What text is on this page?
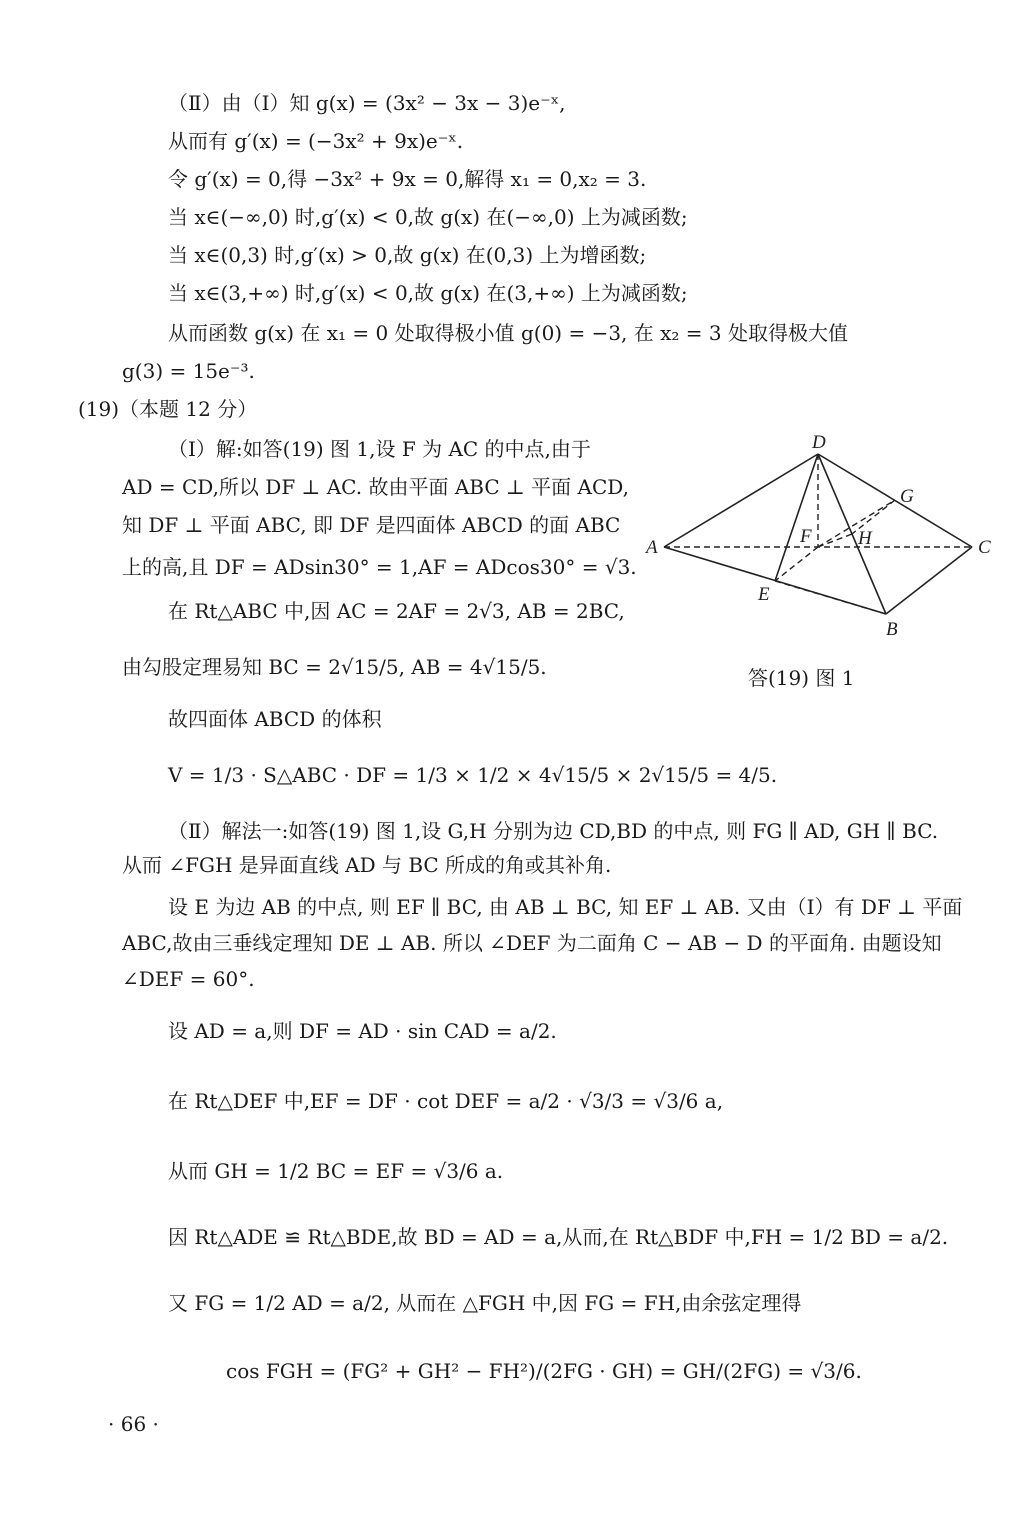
（Ⅱ）由（Ⅰ）知 g(x) = (3x² − 3x − 3)e⁻ˣ,
从而有 g′(x) = (−3x² + 9x)e⁻ˣ.
令 g′(x) = 0,得 −3x² + 9x = 0,解得 x₁ = 0,x₂ = 3.
当 x∈(−∞,0) 时,g′(x) < 0,故 g(x) 在(−∞,0) 上为减函数;
当 x∈(0,3) 时,g′(x) > 0,故 g(x) 在(0,3) 上为增函数;
当 x∈(3,+∞) 时,g′(x) < 0,故 g(x) 在(3,+∞) 上为减函数;
从而函数 g(x) 在 x₁ = 0 处取得极小值 g(0) = −3, 在 x₂ = 3 处取得极大值
g(3) = 15e⁻³.
(19)（本题 12 分）
（Ⅰ）解:如答(19) 图 1,设 F 为 AC 的中点,由于
AD = CD,所以 DF ⊥ AC. 故由平面 ABC ⊥ 平面 ACD,
知 DF ⊥ 平面 ABC, 即 DF 是四面体 ABCD 的面 ABC
上的高,且 DF = ADsin30° = 1,AF = ADcos30° = √3.
在 Rt△ABC 中,因 AC = 2AF = 2√3, AB = 2BC,
由勾股定理易知 BC = 2√15/5, AB = 4√15/5.
故四面体 ABCD 的体积
V = 1/3 · S△ABC · DF = 1/3 × 1/2 × 4√15/5 × 2√15/5 = 4/5.
（Ⅱ）解法一:如答(19) 图 1,设 G,H 分别为边 CD,BD 的中点, 则 FG ∥ AD, GH ∥ BC.
从而 ∠FGH 是异面直线 AD 与 BC 所成的角或其补角.
设 E 为边 AB 的中点, 则 EF ∥ BC, 由 AB ⊥ BC, 知 EF ⊥ AB. 又由（Ⅰ）有 DF ⊥ 平面
ABC,故由三垂线定理知 DE ⊥ AB. 所以 ∠DEF 为二面角 C − AB − D 的平面角. 由题设知
∠DEF = 60°.
设 AD = a,则 DF = AD · sin CAD = a/2.
在 Rt△DEF 中,EF = DF · cot DEF = a/2 · √3/3 = √3/6 a,
从而 GH = 1/2 BC = EF = √3/6 a.
因 Rt△ADE ≌ Rt△BDE,故 BD = AD = a,从而,在 Rt△BDF 中,FH = 1/2 BD = a/2.
又 FG = 1/2 AD = a/2, 从而在 △FGH 中,因 FG = FH,由余弦定理得
cos FGH = (FG² + GH² − FH²)/(2FG · GH) = GH/(2FG) = √3/6.
D
A	C
B
E
F
G
H
答(19) 图 1
· 66 ·
